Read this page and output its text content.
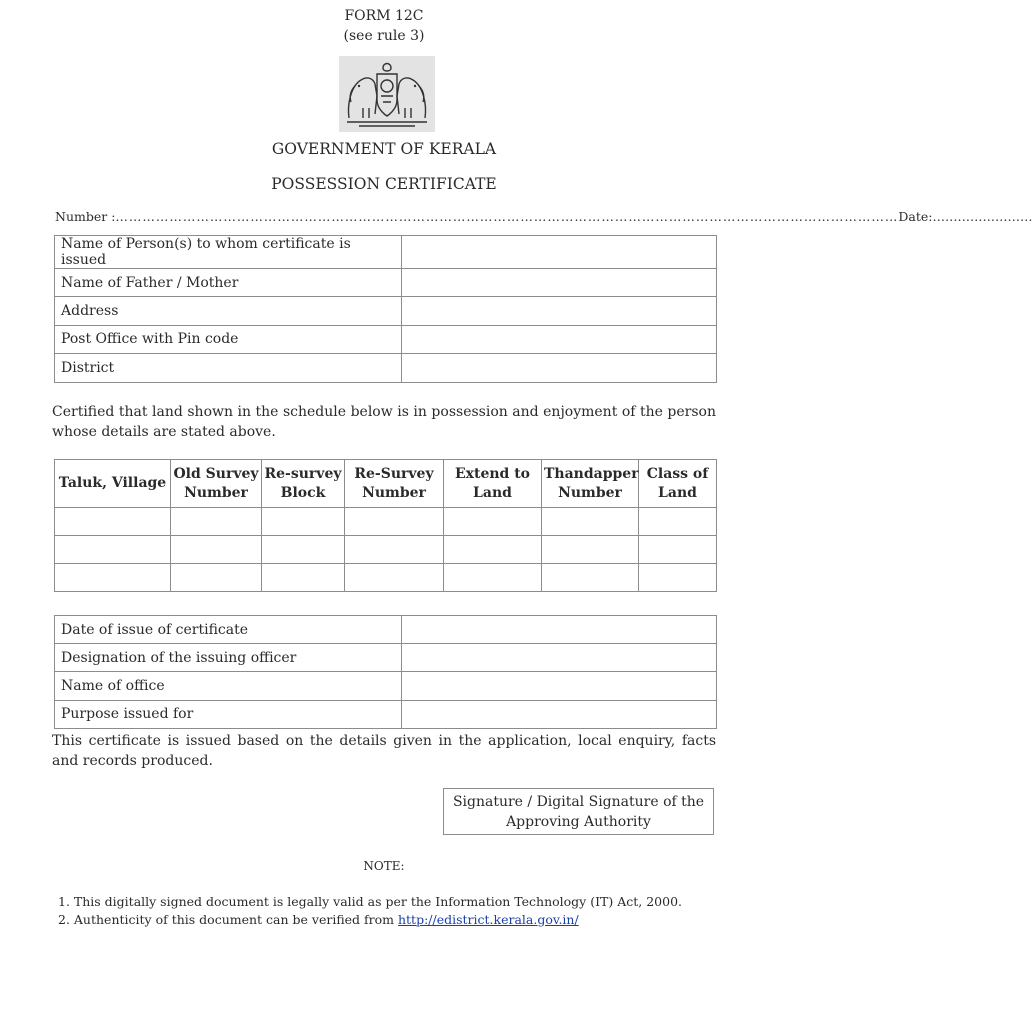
FORM 12C
(see rule 3)
GOVERNMENT OF KERALA
POSSESSION CERTIFICATE
Number : ………………………………………………………………………………………………………………………………………………………… Date: ……………………
Name of Person(s) to whom certificate is issued	
Name of Father / Mother	
Address	
Post Office with Pin code	
District	
Certified that land shown in the schedule below is in possession and enjoyment of the person whose details are stated above.
Taluk, Village	Old Survey Number	Re-survey Block	Re-Survey Number	Extend to Land	Thandapper Number	Class of Land

Date of issue of certificate	
Designation of the issuing officer	
Name of office	
Purpose issued for	
This certificate is issued based on the details given in the application, local enquiry, facts and records produced.
Signature / Digital Signature of the
Approving Authority
NOTE:
1. This digitally signed document is legally valid as per the Information Technology (IT) Act, 2000.
2. Authenticity of this document can be verified from http://edistrict.kerala.gov.in/
